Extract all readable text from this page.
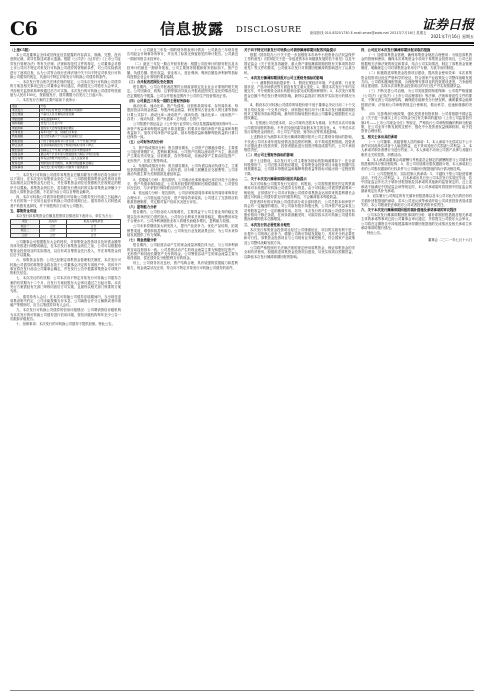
C6	信息披露 DISCLOSURE 新闻热线 010-83251730 E-mail:zmzx@zqrb.net 2021年7月16日 星期五
证券日报
2021年7月16日 星期五

（上接C5版）

本公司及董事会全体成员保证信息披露的内容真实、准确、完整，没有虚假记载、误导性陈述或重大遗漏。根据《公司法》《证券法》《上市公司证券发行管理办法》等有关法律、法规和规范性文件的规定，公司董事会对照上市公司向不特定对象发行可转换公司债券的资格和条件，对公司实际情况进行了逐项自查，认为公司符合现行法律法规中关于向不特定对象发行可转换公司债券的规定，具备向不特定对象发行可转换公司债券的条件。

一、本次发行符合相关法律法规的规定，公司本次发行可转换公司债券的方案及相关事项已经公司董事会审议通过，尚需提交公司股东大会审议，并经相关监管机构审核通过后方可实施。本次发行的可转换公司债券每张面值为人民币100元，按面值发行，债券期限为自发行之日起六年。

二、本次发行方案的主要内容如下表所示：

项目	内容
本次发行	向不特定对象发行可转换公司债券
发行规模	不超过人民币募集资金总额
票面金额	每张面值100元
债券期限	自发行之日起六年
票面利率	由股东大会授权董事会确定
还本付息	每年付息一次，到期归还本金
转股期限	发行结束满六个月后起至到期日止
转股价格	不低于募集说明书公告日前二十个交易日均价
修正条款	在存续期间股价低于转股价格时可向下修正
赎回条款	到期后五个交易日内赎回全部未转股债券
回售条款	最后两个计息年度可按面值加当期应计利息回售
发行对象	持有证券账户的自然人、法人及投资者
配售安排	向原股东优先配售，具体比例由董事会确定
担保事项	本次发行的可转换公司债券不提供担保

三、本次发行可转换公司债券募集资金总额扣除发行费用后将全部用于以下项目，在本次发行募集资金到位之前，公司将根据募集资金投资项目的实际情况以自筹资金先行投入，并在募集资金到位后按照相关法规规定的程序予以置换。募集资金到位后，若扣除发行费用后的实际募集资金净额少于拟投入募集资金总额，不足部分由公司以自筹资金解决。

四、本次可转换公司债券转股期自可转换公司债券发行结束之日起满六个月后的第一个交易日起至可转换公司债券到期日止。债券持有人对转股或者不转股有选择权，并于转股的次日成为公司股东。

五、募集资金用途

本次发行拟募集资金总额及投资项目情况如下表所示，单位为万元：

项目	总投资	拟投入募集资金
项目一	合计	合计
项目二	合计	合计
合计	合计	合计

公司董事会可根据股东大会的授权，对募集资金投资项目及所需金额等具体安排进行调整或确定。在本次发行募集资金到位之前，公司可以根据募集资金投资项目的实际情况，以自有或自筹资金先行投入，并在募集资金到位后予以置换。

六、募集资金存管：公司已经制定募集资金管理相关制度，本次发行可转换公司债券的募集资金将存放于公司董事会决定的专项账户中，具体开户事宜将在发行前由公司董事会确定，并在发行公告中披露募集资金专项账户的相关信息。

七、本次决议的有效期：公司本次向不特定对象发行可转换公司债券方案的有效期为十二个月，自发行方案经股东大会审议通过之日起计算。本次发行方案需经有关部门审核同意后方可实施，且最终以相关部门核准的方案为准。

八、债券持有人会议：在本次可转换公司债券存续期间内，当出现变更募集说明书约定、公司未能按期支付本息、公司减资合并分立解散或者申请破产等情形时，应当召集债券持有人会议。

九、本次发行可转换公司债券的信用评级情况：公司聘请资信评级机构为本次发行的可转换公司债券进行信用评级，资信评级机构每年至少公告一次跟踪评级报告。

十、担保事项：本次发行的可转换公司债券不提供担保。特此公告。

（一）公司最近三年及一期的财务报表审计情况：公司最近三年财务报告均经会计师事务所审计，并出具了标准无保留意见的审计报告。公司最近一期财务报告未经审计。

（二）最近三年及一期合并财务报表：根据公司经审计的财务报告及未经审计的最近一期财务报表，公司主要财务数据和财务指标如下。资产总额、负债总额、股东权益、营业收入、营业利润、利润总额及净利润等指标均按照企业会计准则的要求编制。

（三）合并报表范围及变化情况

报告期内，公司合并报表范围符合财政部规定及企业会计准则的相关规定。公司因新设、收购、注销等原因导致合并报表范围发生变化的情况均已在定期报告中披露。公司合并报表范围内子公司的生产经营情况正常。

（四）公司最近三年及一期的主要财务指标

流动比率、速动比率、资产负债率、应收账款周转率、存货周转率、每股经营活动现金流量、每股净现金流量、研发费用占营业收入的比重等指标计算公式如下：流动比率＝流动资产／流动负债；速动比率＝（流动资产－存货）／流动负债；资产负债率＝总负债／总资产。

公司按照中国证监会《公开发行证券的公司信息披露编报规则第9号——净资产收益率和每股收益的计算及披露》的要求计算的净资产收益率和每股收益如下。加权平均净资产收益率、基本每股收益和稀释每股收益的计算口径保持一致。

（五）公司财务状况分析

1、资产构成情况分析：报告期各期末，公司资产总额稳步增长，主要系公司经营规模扩大、盈利积累所致。公司资产结构以流动资产为主，流动资产主要由货币资金、应收账款、存货等构成，非流动资产主要由固定资产、无形资产、在建工程等构成。

2、负债构成情况分析：报告期各期末，公司负债以流动负债为主，主要包括短期借款、应付账款、合同负债、应付职工薪酬及应交税费等。公司非流动负债主要为长期借款及递延收益。

3、偿债能力分析：报告期内，公司流动比率和速动比率总体处于合理水平，资产负债率保持稳定，公司具有较强的短期和长期偿债能力。公司资信状况良好，与多家银行保持着良好的合作关系。

4、营运能力分析：报告期内，公司应收账款周转率和存货周转率保持在合理水平，公司营运能力良好，资产周转效率较高。公司建立了完善的应收账款管理制度，并定期对客户信用状况进行评估。

（六）盈利能力分析

报告期内，公司营业收入持续增长，主要得益于公司主营业务的稳定发展以及市场开拓力度的加大。公司综合毛利率总体保持稳定，期间费用率处于合理水平。公司净利润随营业收入的增长而稳步增长，盈利能力较强。

公司未来将继续加大研发投入，提升产品竞争力，优化产品结构，拓展销售渠道，增强持续盈利能力。公司所处行业发展前景良好，为公司未来持续发展提供了有力保障。

（七）现金流量分析

报告期内，公司经营活动产生的现金流量净额总体为正，与公司净利润的变动趋势基本一致。公司投资活动产生的现金流量主要为购建固定资产、无形资产和其他长期资产支付的现金。公司筹资活动产生的现金流量主要为取得借款、偿还债务及分配股利支付的现金。

综上，公司财务状况良好，资产结构合理，具有较强的偿债能力和盈利能力，现金流量状况正常，符合向不特定对象发行可转换公司债券的条件。

关于向不特定对象发行可转换公司债券摊薄即期回报的风险提示

根据《国务院办公厅关于进一步加强资本市场中小投资者合法权益保护工作的意见》《国务院关于进一步促进资本市场健康发展的若干意见》以及中国证监会《关于首发及再融资、重大资产重组摊薄即期回报有关事项的指导意见》等文件的要求，公司就本次发行对即期回报摊薄的影响进行了认真分析。

一、本次发行摊薄即期回报对公司主要财务指标的影响

（一）测算假设和前提条件：1、假设宏观经济环境、产业政策、行业发展状况、产品市场情况等方面没有发生重大变化；2、假设本次发行于年内实施完毕，并分别假设全部未转股和全部完成转股两种情形；3、本次发行募集资金总额不考虑发行费用的影响，最终以监管部门核准并实际发行的情况为准。

4、假设本次可转换公司债券的转股价格不低于董事会决议日前二十个交易日均价及前一个交易日均价，该转股价格仅用于计算本次发行摊薄即期回报对主要财务指标的影响，最终的初始转股价格由公司董事会根据股东大会授权确定。

5、在预测公司总股本时，以公司现有总股本为基础，仅考虑本次可转换公司债券转股的影响，不考虑其他因素导致股本发生的变化。6、不考虑本次发行募集资金到账后，对公司生产经营、财务状况等的其他影响。

上述假设仅为测算本次发行摊薄即期回报对公司主要财务指标的影响，不代表公司对未来年度经营情况及趋势的判断，亦不构成盈利预测。投资者不应据此进行投资决策，投资者据此进行投资决策造成损失的，公司不承担赔偿责任。

（二）对公司主要财务指标的影响

基于上述假设，本次发行对公司主要财务指标的影响测算如下：在全部转股情形下，公司总股本将相应增加，若募集资金投资项目未能在短期内实现预期收益，公司基本每股收益和稀释每股收益等指标可能出现一定程度的下降。

二、关于本次发行摊薄即期回报的风险提示

本次可转换公司债券发行完成后、转股前，公司需按照预先约定的票面利率对未转股的可转换公司债券支付利息，由于可转换公司债券票面利率一般较低，正常情况下公司对可转换公司债券募集资金运用带来的盈利增长会超过可转换公司债券需支付的债券利息，不会摊薄基本每股收益。

投资者持有的可转换公司债券部分或全部转股后，公司总股本和净资产将会有一定幅度的增加，对公司原有股东持股比例、公司净资产收益率及公司每股收益产生一定的摊薄作用。另外，本次发行的可转换公司债券设有转股价格向下修正条款，在该条款被触发时，可能导致本次可转换公司债券转股而新增的股本总额增加。

三、本次发行的必要性和合理性

本次发行募集资金投资项目经过公司谨慎论证，项目的实施有利于进一步提升公司的核心竞争力，增强公司的可持续发展能力，具有充分的必要性和可行性。募集资金投资项目与公司现有业务紧密相关，符合国家产业政策及公司整体战略发展方向。

公司将严格按照有关法律法规的规定使用募集资金，保证募集资金的安全和有效使用，积极推进募集资金投资项目建设，尽快实现项目预期效益，以降低本次发行摊薄即期回报的影响。

四、公司应对本次发行摊薄即期回报采取的措施

（一）加强募集资金管理，确保募集资金规范合理使用：为规范募集资金的管理和使用，确保本次募集资金专项用于募集资金投资项目，公司已经根据相关法律法规的规定和要求，结合公司实际情况，制定了募集资金管理制度，明确规定公司对募集资金采用专户专储、专款专用的制度。

（二）积极推进募集资金投资项目建设，提高资金使用效率：本次募集资金投资项目经过严格科学的论证，符合国家产业政策及公司整体战略发展方向。公司将积极调配资源，合理统筹安排项目的投资建设进度，力争缩短项目建设期，实现本次募集资金投资项目的早日投产并实现预期效益。

（三）不断完善公司治理，为公司发展提供制度保障：公司将严格遵循《公司法》《证券法》《上市公司治理准则》等法律、法规和规范性文件的要求，不断完善公司治理结构，确保股东能够充分行使权利，确保董事会能够按照法律、法规和公司章程的规定行使职权，做出科学、迅速和谨慎的决策。

（四）完善利润分配政策，强化投资者回报机制：公司将根据中国证监会《关于进一步落实上市公司现金分红有关事项的通知》《上市公司监管指引第3号——上市公司现金分红》等规定，严格执行公司章程明确的利润分配政策，在公司业务不断发展的过程中，强化中小投资者权益保障机制，给予投资者合理回报。

五、相关主体出具的承诺

（一）公司董事、高级管理人员的承诺：1、本人承诺不无偿或以不公平条件向其他单位或者个人输送利益，也不采用其他方式损害公司利益；2、本人承诺对职务消费行为进行约束；3、本人承诺不动用公司资产从事与其履行职责无关的投资、消费活动。

4、本人承诺由董事会或薪酬与考核委员会制定的薪酬制度与公司填补回报措施的执行情况相挂钩；5、若公司后续推出股权激励计划，本人承诺拟公布的公司股权激励的行权条件与公司填补回报措施的执行情况相挂钩。

（二）公司控股股东、实际控制人的承诺：1、不越权干预公司经营管理活动，不侵占公司利益；2、自本承诺出具日至公司本次发行实施完毕前，若中国证监会作出关于填补回报措施及其承诺的其他新的监管规定的，且上述承诺不能满足中国证监会该等规定时，本公司承诺届时将按照中国证监会的最新规定出具补充承诺。

3、切实履行公司制定的有关填补回报措施以及本公司对此作出的任何有关填补回报措施的承诺，若本公司违反该等承诺并给公司或者投资者造成损失的，本公司愿意依法承担对公司或者投资者的补偿责任。

六、关于本次发行摊薄即期回报的填补措施及承诺事项的审议程序

公司本次发行摊薄即期回报事项的分析、填补即期回报措施及相关承诺主体的承诺等事项已经公司董事会审议通过，并将提交公司股东大会审议。公司将在定期报告中持续披露填补即期回报措施的完成情况及相关承诺主体承诺事项的履行情况。

特此公告。

董事会 二〇二一年七月十六日
